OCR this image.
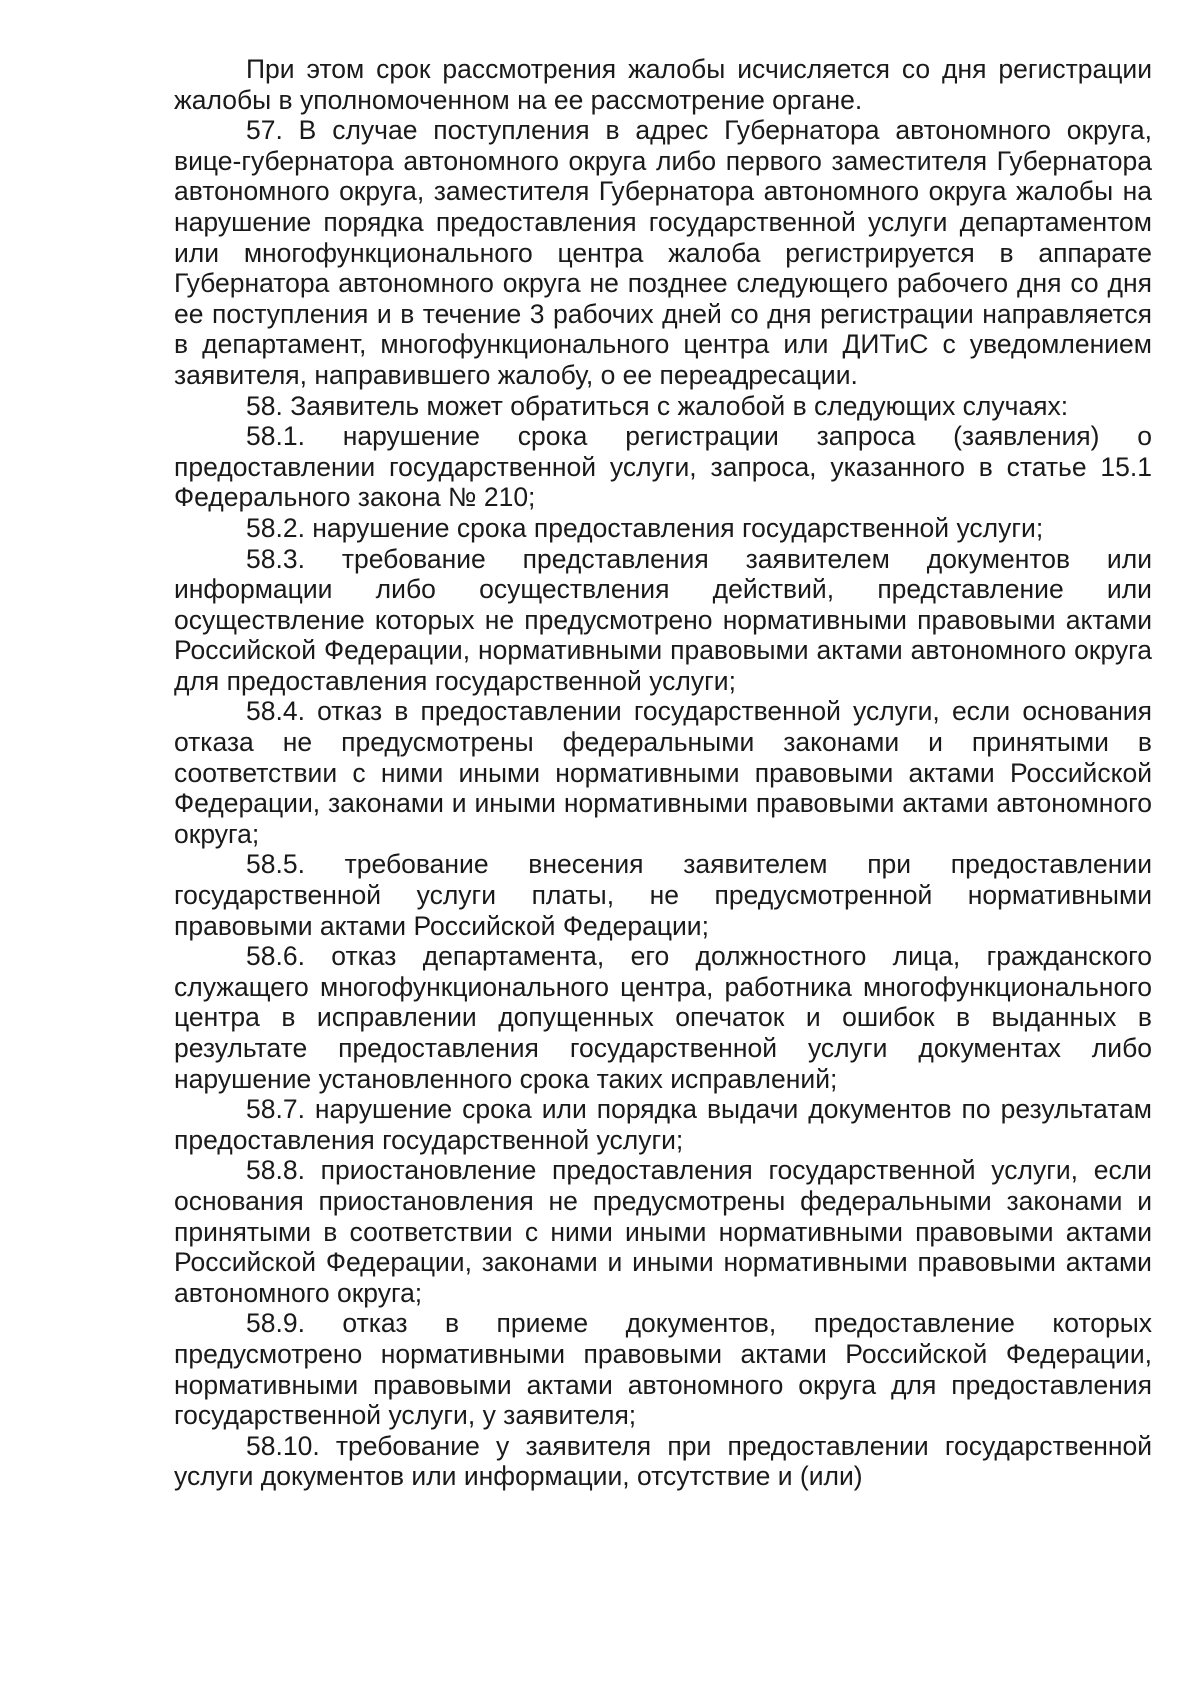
При этом срок рассмотрения жалобы исчисляется со дня регистрации жалобы в уполномоченном на ее рассмотрение органе.

57. В случае поступления в адрес Губернатора автономного округа, вице-губернатора автономного округа либо первого заместителя Губернатора автономного округа, заместителя Губернатора автономного округа жалобы на нарушение порядка предоставления государственной услуги департаментом или многофункционального центра жалоба регистрируется в аппарате Губернатора автономного округа не позднее следующего рабочего дня со дня ее поступления и в течение 3 рабочих дней со дня регистрации направляется в департамент, многофункционального центра или ДИТиС с уведомлением заявителя, направившего жалобу, о ее переадресации.

58. Заявитель может обратиться с жалобой в следующих случаях:

58.1. нарушение срока регистрации запроса (заявления) о предоставлении государственной услуги, запроса, указанного в статье 15.1 Федерального закона № 210;

58.2. нарушение срока предоставления государственной услуги;

58.3. требование представления заявителем документов или информации либо осуществления действий, представление или осуществление которых не предусмотрено нормативными правовыми актами Российской Федерации, нормативными правовыми актами автономного округа для предоставления государственной услуги;

58.4. отказ в предоставлении государственной услуги, если основания отказа не предусмотрены федеральными законами и принятыми в соответствии с ними иными нормативными правовыми актами Российской Федерации, законами и иными нормативными правовыми актами автономного округа;

58.5. требование внесения заявителем при предоставлении государственной услуги платы, не предусмотренной нормативными правовыми актами Российской Федерации;

58.6. отказ департамента, его должностного лица, гражданского служащего многофункционального центра, работника многофункционального центра в исправлении допущенных опечаток и ошибок в выданных в результате предоставления государственной услуги документах либо нарушение установленного срока таких исправлений;

58.7. нарушение срока или порядка выдачи документов по результатам предоставления государственной услуги;

58.8. приостановление предоставления государственной услуги, если основания приостановления не предусмотрены федеральными законами и принятыми в соответствии с ними иными нормативными правовыми актами Российской Федерации, законами и иными нормативными правовыми актами автономного округа;

58.9. отказ в приеме документов, предоставление которых предусмотрено нормативными правовыми актами Российской Федерации, нормативными правовыми актами автономного округа для предоставления государственной услуги, у заявителя;

58.10. требование у заявителя при предоставлении государственной услуги документов или информации, отсутствие и (или)
